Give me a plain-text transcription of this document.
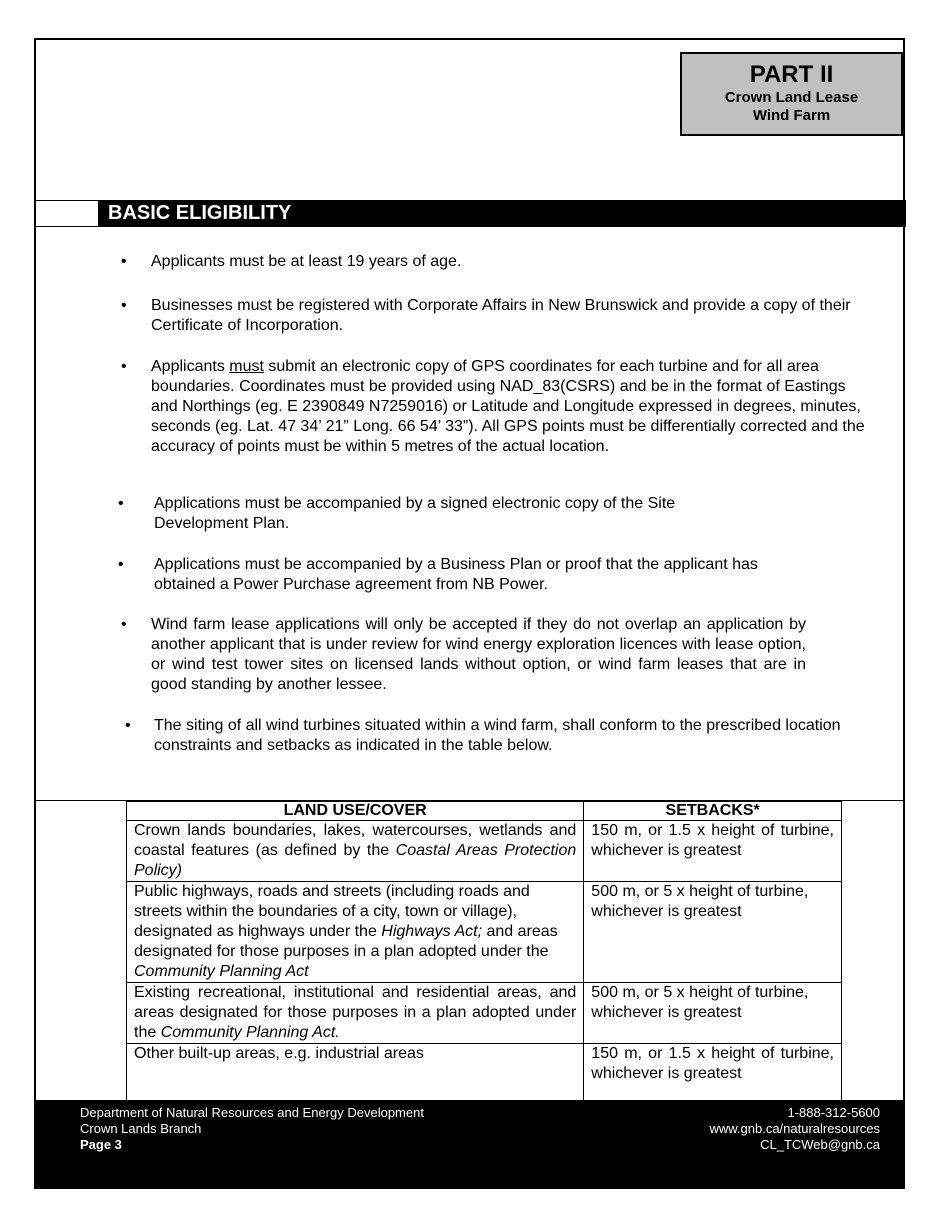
PART II
Crown Land Lease
Wind Farm
BASIC ELIGIBILITY
• Applicants must be at least 19 years of age.
• Businesses must be registered with Corporate Affairs in New Brunswick and provide a copy of their Certificate of Incorporation.
• Applicants must submit an electronic copy of GPS coordinates for each turbine and for all area boundaries. Coordinates must be provided using NAD_83(CSRS) and be in the format of Eastings and Northings (eg. E 2390849 N7259016) or Latitude and Longitude expressed in degrees, minutes, seconds (eg. Lat. 47 34’ 21” Long. 66 54’ 33”). All GPS points must be differentially corrected and the accuracy of points must be within 5 metres of the actual location.
• Applications must be accompanied by a signed electronic copy of the Site Development Plan.
• Applications must be accompanied by a Business Plan or proof that the applicant has obtained a Power Purchase agreement from NB Power.
• Wind farm lease applications will only be accepted if they do not overlap an application by another applicant that is under review for wind energy exploration licences with lease option, or wind test tower sites on licensed lands without option, or wind farm leases that are in good standing by another lessee.
• The siting of all wind turbines situated within a wind farm, shall conform to the prescribed location constraints and setbacks as indicated in the table below.
LAND USE/COVER	SETBACKS*
Crown lands boundaries, lakes, watercourses, wetlands and coastal features (as defined by the Coastal Areas Protection Policy)	150 m, or 1.5 x height of turbine, whichever is greatest
Public highways, roads and streets (including roads and streets within the boundaries of a city, town or village), designated as highways under the Highways Act; and areas designated for those purposes in a plan adopted under the Community Planning Act	500 m, or 5 x height of turbine, whichever is greatest
Existing recreational, institutional and residential areas, and areas designated for those purposes in a plan adopted under the Community Planning Act.	500 m, or 5 x height of turbine, whichever is greatest
Other built-up areas, e.g. industrial areas	150 m, or 1.5 x height of turbine, whichever is greatest
Department of Natural Resources and Energy Development
Crown Lands Branch
Page 3
1-888-312-5600
www.gnb.ca/naturalresources
CL_TCWeb@gnb.ca
